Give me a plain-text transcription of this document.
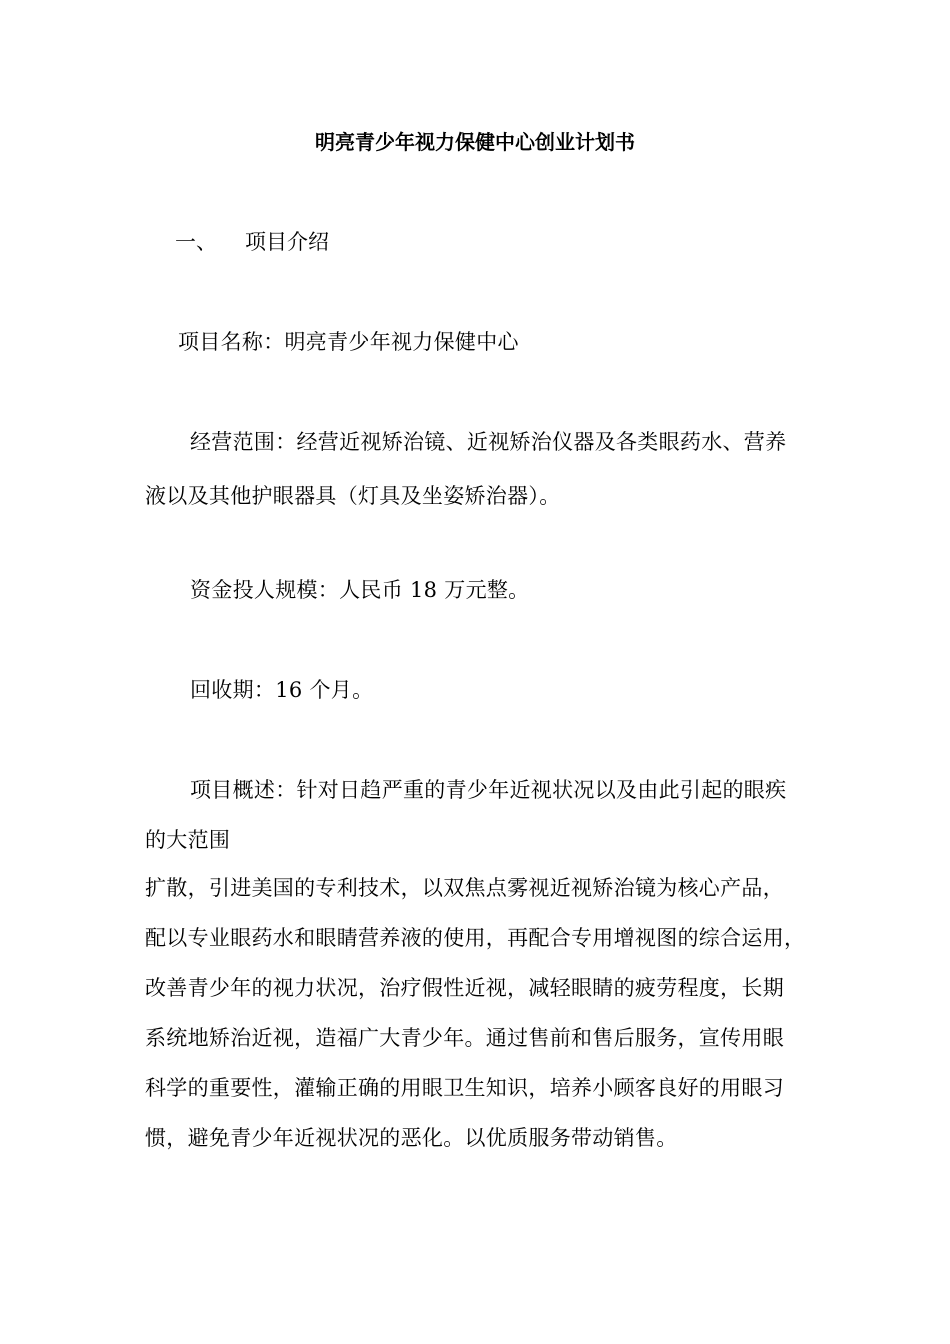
明亮青少年视力保健中心创业计划书
一、 项目介绍
项目名称：明亮青少年视力保健中心
经营范围：经营近视矫治镜、近视矫治仪器及各类眼药水、营养
液以及其他护眼器具（灯具及坐姿矫治器）。
资金投人规模：人民币 18 万元整。
回收期：16 个月。
项目概述：针对日趋严重的青少年近视状况以及由此引起的眼疾
的大范围
扩散，引进美国的专利技术，以双焦点雾视近视矫治镜为核心产品，
配以专业眼药水和眼睛营养液的使用，再配合专用增视图的综合运用，
改善青少年的视力状况，治疗假性近视，减轻眼睛的疲劳程度，长期
系统地矫治近视，造福广大青少年。通过售前和售后服务，宣传用眼
科学的重要性，灌输正确的用眼卫生知识，培养小顾客良好的用眼习
惯，避免青少年近视状况的恶化。以优质服务带动销售。
